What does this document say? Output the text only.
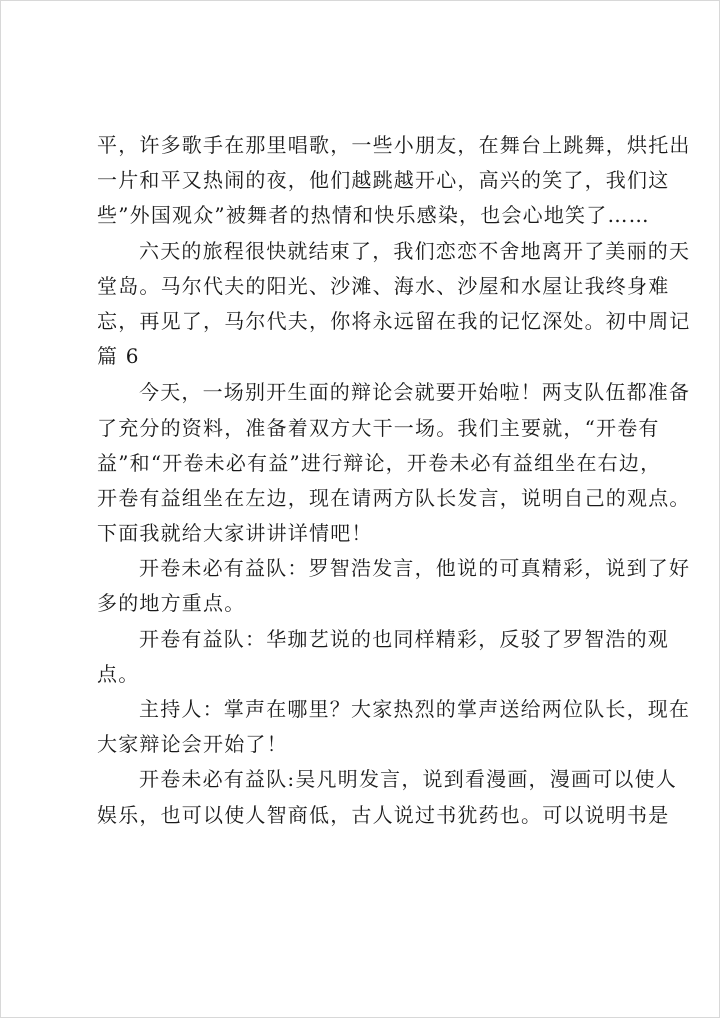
平，许多歌手在那里唱歌，一些小朋友，在舞台上跳舞，烘托出
一片和平又热闹的夜，他们越跳越开心，高兴的笑了，我们这
些”外国观众”被舞者的热情和快乐感染，也会心地笑了……
六天的旅程很快就结束了，我们恋恋不舍地离开了美丽的天
堂岛。马尔代夫的阳光、沙滩、海水、沙屋和水屋让我终身难
忘，再见了，马尔代夫，你将永远留在我的记忆深处。初中周记
篇 6
今天，一场别开生面的辩论会就要开始啦！两支队伍都准备
了充分的资料，准备着双方大干一场。我们主要就，“开卷有
益”和“开卷未必有益”进行辩论，开卷未必有益组坐在右边，
开卷有益组坐在左边，现在请两方队长发言，说明自己的观点。
下面我就给大家讲讲详情吧！
开卷未必有益队：罗智浩发言，他说的可真精彩，说到了好
多的地方重点。
开卷有益队：华珈艺说的也同样精彩，反驳了罗智浩的观
点。
主持人：掌声在哪里？大家热烈的掌声送给两位队长，现在
大家辩论会开始了！
开卷未必有益队:吴凡明发言，说到看漫画，漫画可以使人
娱乐，也可以使人智商低，古人说过书犹药也。可以说明书是
